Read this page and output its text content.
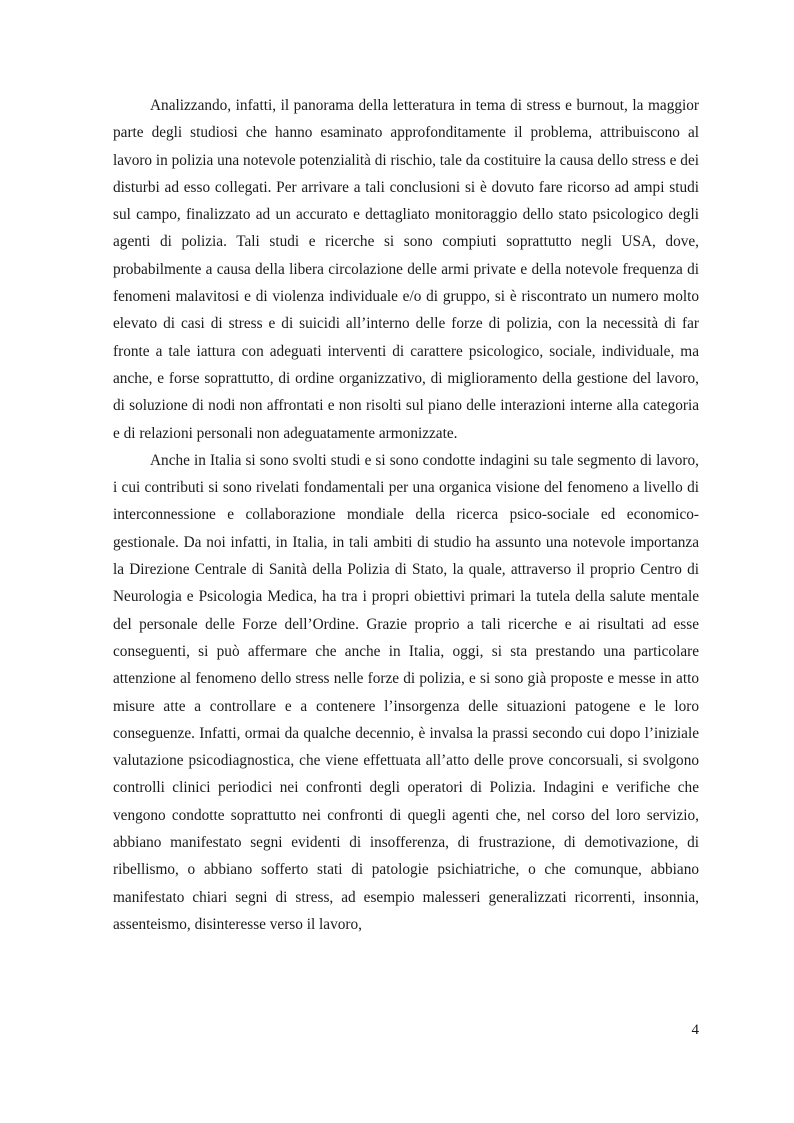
Analizzando, infatti, il panorama della letteratura in tema di stress e burnout, la maggior parte degli studiosi che hanno esaminato approfonditamente il problema, attribuiscono al lavoro in polizia una notevole potenzialità di rischio, tale da costituire la causa dello stress e dei disturbi ad esso collegati. Per arrivare a tali conclusioni si è dovuto fare ricorso ad ampi studi sul campo, finalizzato ad un accurato e dettagliato monitoraggio dello stato psicologico degli agenti di polizia. Tali studi e ricerche si sono compiuti soprattutto negli USA, dove, probabilmente a causa della libera circolazione delle armi private e della notevole frequenza di fenomeni malavitosi e di violenza individuale e/o di gruppo, si è riscontrato un numero molto elevato di casi di stress e di suicidi all’interno delle forze di polizia, con la necessità di far fronte a tale iattura con adeguati interventi di carattere psicologico, sociale, individuale, ma anche, e forse soprattutto, di ordine organizzativo, di miglioramento della gestione del lavoro, di soluzione di nodi non affrontati e non risolti sul piano delle interazioni interne alla categoria e di relazioni personali non adeguatamente armonizzate.

Anche in Italia si sono svolti studi e si sono condotte indagini su tale segmento di lavoro, i cui contributi si sono rivelati fondamentali per una organica visione del fenomeno a livello di interconnessione e collaborazione mondiale della ricerca psico-sociale ed economico-gestionale. Da noi infatti, in Italia, in tali ambiti di studio ha assunto una notevole importanza la Direzione Centrale di Sanità della Polizia di Stato, la quale, attraverso il proprio Centro di Neurologia e Psicologia Medica, ha tra i propri obiettivi primari la tutela della salute mentale del personale delle Forze dell’Ordine. Grazie proprio a tali ricerche e ai risultati ad esse conseguenti, si può affermare che anche in Italia, oggi, si sta prestando una particolare attenzione al fenomeno dello stress nelle forze di polizia, e si sono già proposte e messe in atto misure atte a controllare e a contenere l’insorgenza delle situazioni patogene e le loro conseguenze. Infatti, ormai da qualche decennio, è invalsa la prassi secondo cui dopo l’iniziale valutazione psicodiagnostica, che viene effettuata all’atto delle prove concorsuali, si svolgono controlli clinici periodici nei confronti degli operatori di Polizia. Indagini e verifiche che vengono condotte soprattutto nei confronti di quegli agenti che, nel corso del loro servizio, abbiano manifestato segni evidenti di insofferenza, di frustrazione, di demotivazione, di ribellismo, o abbiano sofferto stati di patologie psichiatriche, o che comunque, abbiano manifestato chiari segni di stress, ad esempio malesseri generalizzati ricorrenti, insonnia, assenteismo, disinteresse verso il lavoro,

4
